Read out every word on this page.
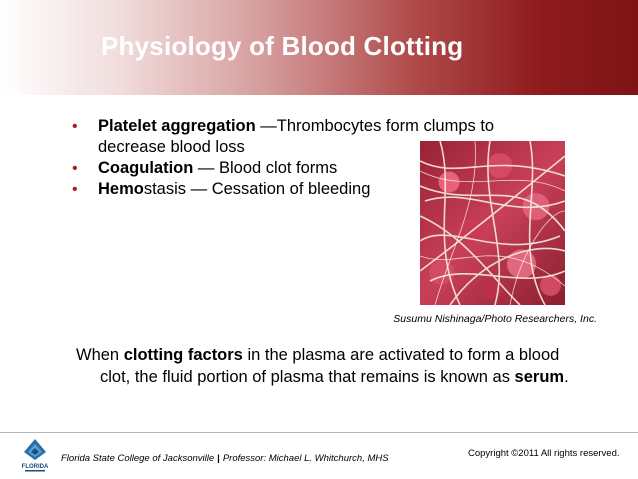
Physiology of Blood Clotting
• Platelet aggregation —Thrombocytes form clumps to decrease blood loss
• Coagulation — Blood clot forms
• Hemostasis — Cessation of bleeding
Susumu Nishinaga/Photo Researchers, Inc.
When clotting factors in the plasma are activated to form a blood clot, the fluid portion of plasma that remains is known as serum.
FLORIDA
Florida State College of Jacksonville | Professor: Michael L. Whitchurch, MHS	Copyright ©2011 All rights reserved.
